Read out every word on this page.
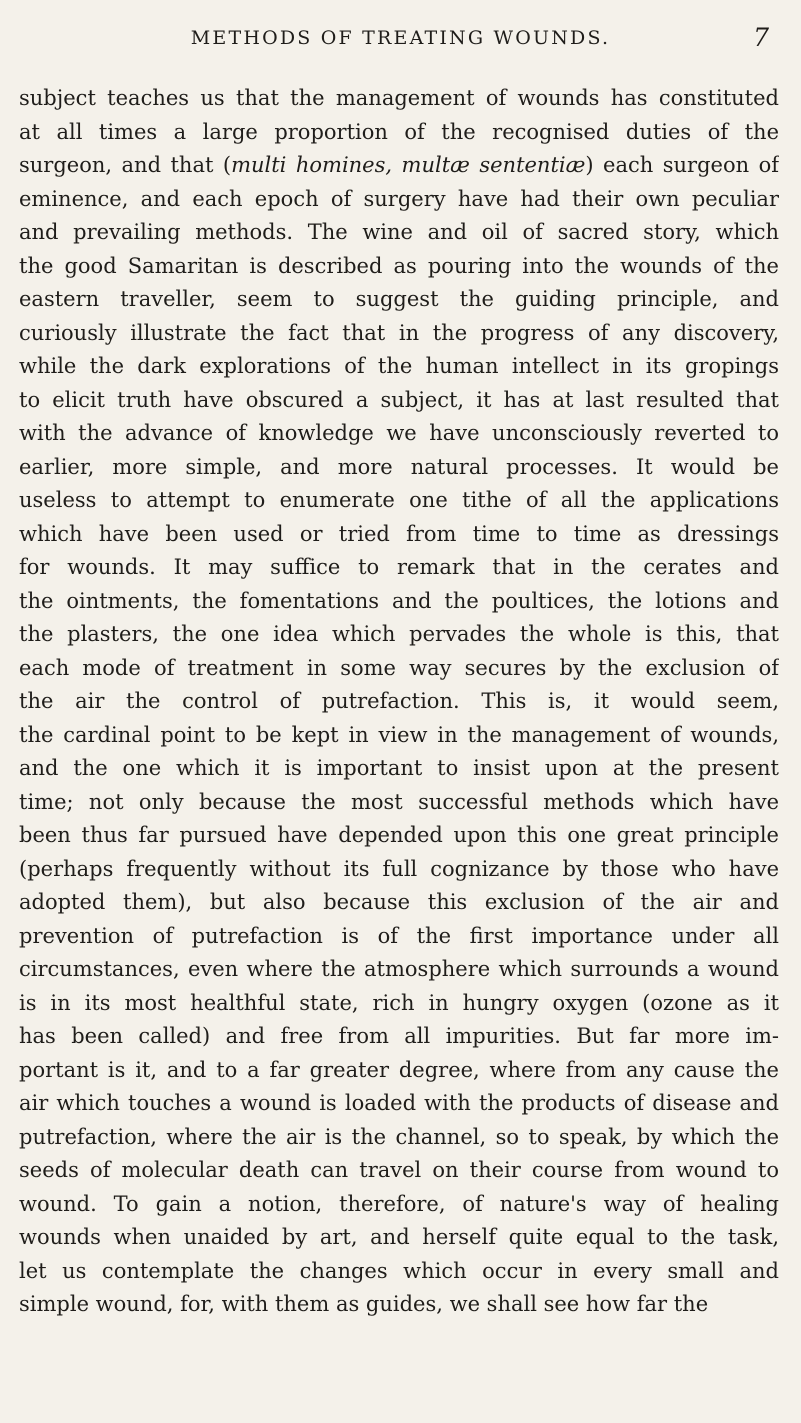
METHODS OF TREATING WOUNDS.	7
subject teaches us that the management of wounds has constituted
at all times a large proportion of the recognised duties of the
surgeon, and that (multi homines, multæ sententiæ) each surgeon of
eminence, and each epoch of surgery have had their own peculiar
and prevailing methods. The wine and oil of sacred story, which
the good Samaritan is described as pouring into the wounds of the
eastern traveller, seem to suggest the guiding principle, and
curiously illustrate the fact that in the progress of any discovery,
while the dark explorations of the human intellect in its gropings
to elicit truth have obscured a subject, it has at last resulted that
with the advance of knowledge we have unconsciously reverted to
earlier, more simple, and more natural processes. It would be
useless to attempt to enumerate one tithe of all the applications
which have been used or tried from time to time as dressings
for wounds. It may suffice to remark that in the cerates and
the ointments, the fomentations and the poultices, the lotions and
the plasters, the one idea which pervades the whole is this, that
each mode of treatment in some way secures by the exclusion of
the air the control of putrefaction. This is, it would seem,
the cardinal point to be kept in view in the management of wounds,
and the one which it is important to insist upon at the present
time; not only because the most successful methods which have
been thus far pursued have depended upon this one great principle
(perhaps frequently without its full cognizance by those who have
adopted them), but also because this exclusion of the air and
prevention of putrefaction is of the first importance under all
circumstances, even where the atmosphere which surrounds a wound
is in its most healthful state, rich in hungry oxygen (ozone as it
has been called) and free from all impurities. But far more im-
portant is it, and to a far greater degree, where from any cause the
air which touches a wound is loaded with the products of disease and
putrefaction, where the air is the channel, so to speak, by which the
seeds of molecular death can travel on their course from wound to
wound. To gain a notion, therefore, of nature's way of healing
wounds when unaided by art, and herself quite equal to the task,
let us contemplate the changes which occur in every small and
simple wound, for, with them as guides, we shall see how far the
